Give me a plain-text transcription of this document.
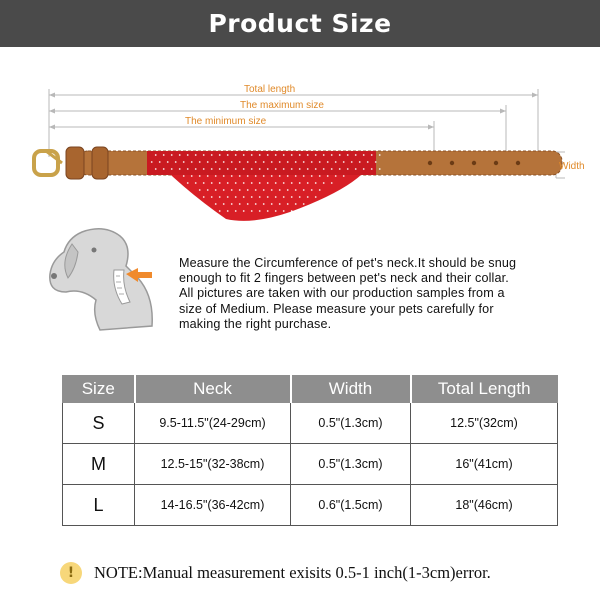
Product Size
Total length
The maximum size
The minimum size
Width
Measure the Circumference of pet's neck.It should be snug
enough to fit 2 fingers between pet's neck and their collar.
All pictures are taken with our production samples from a
size of Medium. Please measure your pets carefully for
making the right purchase.
Size	Neck	Width	Total Length
S	9.5-11.5"(24-29cm)	0.5"(1.3cm)	12.5"(32cm)
M	12.5-15"(32-38cm)	0.5"(1.3cm)	16"(41cm)
L	14-16.5"(36-42cm)	0.6"(1.5cm)	18"(46cm)
!	NOTE:Manual measurement exisits 0.5-1 inch(1-3cm)error.
